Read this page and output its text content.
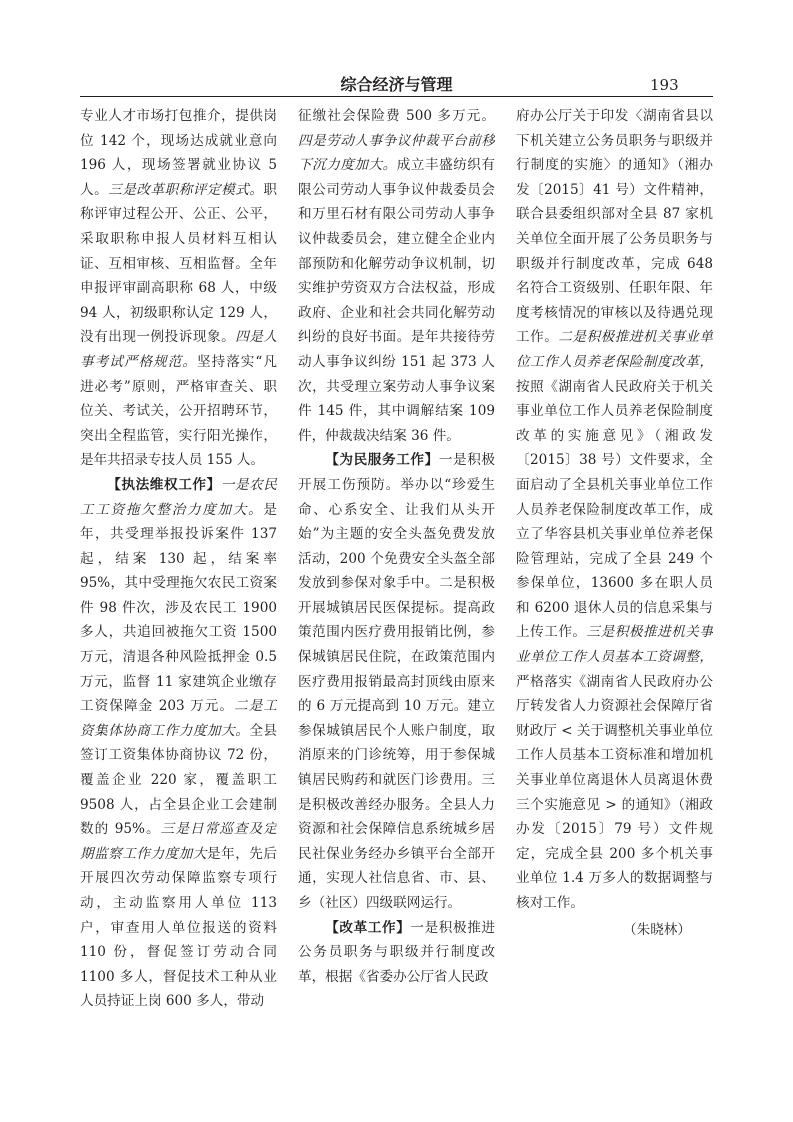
综合经济与管理	193

专业人才市场打包推介，提供岗位 142 个，现场达成就业意向 196 人，现场签署就业协议 5 人。三是改革职称评定模式。职称评审过程公开、公正、公平，采取职称申报人员材料互相认证、互相审核、互相监督。全年申报评审副高职称 68 人，中级 94 人，初级职称认定 129 人，没有出现一例投诉现象。四是人事考试严格规范。坚持落实“凡进必考”原则，严格审查关、职位关、考试关，公开招聘环节，突出全程监管，实行阳光操作，是年共招录专技人员 155 人。

【执法维权工作】一是农民工工资拖欠整治力度加大。是年，共受理举报投诉案件 137 起，结案 130 起，结案率 95%，其中受理拖欠农民工资案件 98 件次，涉及农民工 1900 多人，共追回被拖欠工资 1500 万元，清退各种风险抵押金 0.5 万元，监督 11 家建筑企业缴存工资保障金 203 万元。二是工资集体协商工作力度加大。全县签订工资集体协商协议 72 份，覆盖企业 220 家，覆盖职工 9508 人，占全县企业工会建制数的 95%。三是日常巡查及定期监察工作力度加大是年，先后开展四次劳动保障监察专项行动，主动监察用人单位 113 户，审查用人单位报送的资料 110 份，督促签订劳动合同 1100 多人，督促技术工种从业人员持证上岗 600 多人，带动

征缴社会保险费 500 多万元。四是劳动人事争议仲裁平台前移下沉力度加大。成立丰盛纺织有限公司劳动人事争议仲裁委员会和万里石材有限公司劳动人事争议仲裁委员会，建立健全企业内部预防和化解劳动争议机制，切实维护劳资双方合法权益，形成政府、企业和社会共同化解劳动纠纷的良好书面。是年共接待劳动人事争议纠纷 151 起 373 人次，共受理立案劳动人事争议案件 145 件，其中调解结案 109 件，仲裁裁决结案 36 件。

【为民服务工作】一是积极开展工伤预防。举办以“珍爱生命、心系安全、让我们从头开始”为主题的安全头盔免费发放活动，200 个免费安全头盔全部发放到参保对象手中。二是积极开展城镇居民医保提标。提高政策范围内医疗费用报销比例，参保城镇居民住院，在政策范围内医疗费用报销最高封顶线由原来的 6 万元提高到 10 万元。建立参保城镇居民个人账户制度，取消原来的门诊统筹，用于参保城镇居民购药和就医门诊费用。三是积极改善经办服务。全县人力资源和社会保障信息系统城乡居民社保业务经办乡镇平台全部开通，实现人社信息省、市、县、乡（社区）四级联网运行。

【改革工作】一是积极推进公务员职务与职级并行制度改革，根据《省委办公厅省人民政

府办公厅关于印发〈湖南省县以下机关建立公务员职务与职级并行制度的实施〉的通知》（湘办发〔2015〕41 号）文件精神，联合县委组织部对全县 87 家机关单位全面开展了公务员职务与职级并行制度改革，完成 648 名符合工资级别、任职年限、年度考核情况的审核以及待遇兑现工作。二是积极推进机关事业单位工作人员养老保险制度改革，按照《湖南省人民政府关于机关事业单位工作人员养老保险制度改革的实施意见》（湘政发〔2015〕38 号）文件要求，全面启动了全县机关事业单位工作人员养老保险制度改革工作，成立了华容县机关事业单位养老保险管理站，完成了全县 249 个参保单位，13600 多在职人员和 6200 退休人员的信息采集与上传工作。三是积极推进机关事业单位工作人员基本工资调整，严格落实《湖南省人民政府办公厅转发省人力资源社会保障厅省财政厅 < 关于调整机关事业单位工作人员基本工资标准和增加机关事业单位离退休人员离退休费三个实施意见 > 的通知》（湘政办发〔2015〕79 号）文件规定，完成全县 200 多个机关事业单位 1.4 万多人的数据调整与核对工作。

（朱晓林）
